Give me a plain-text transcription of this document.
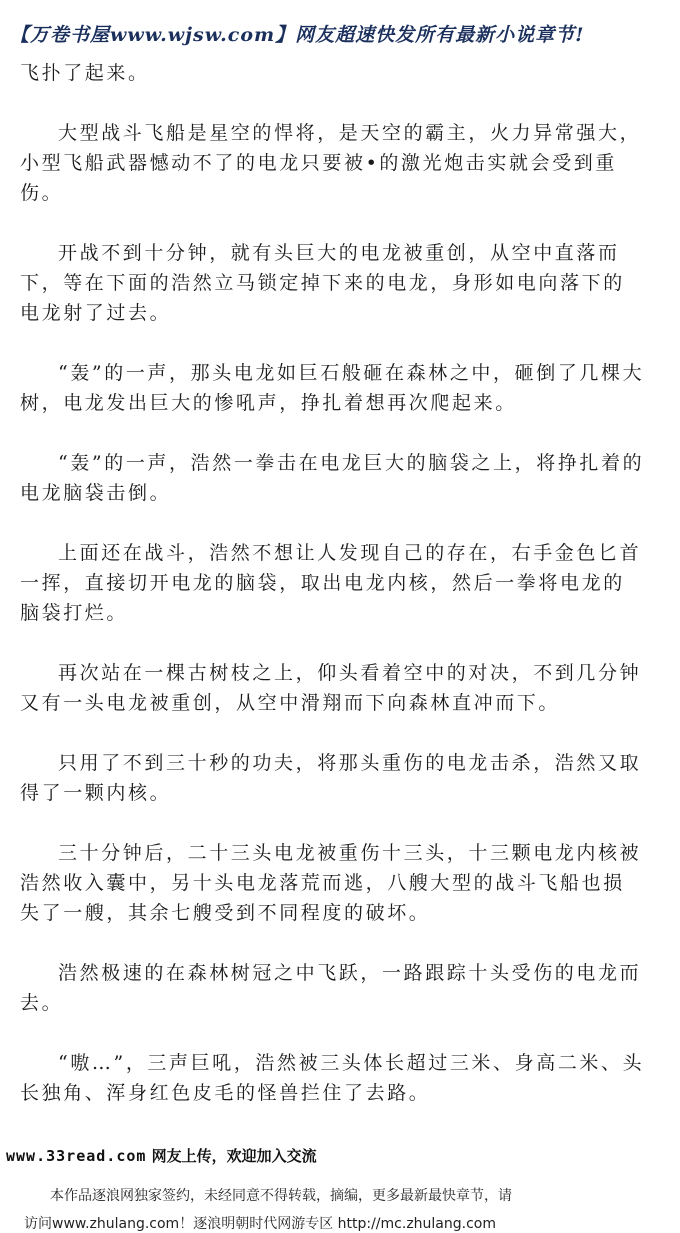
【万卷书屋www.wjsw.com】网友超速快发所有最新小说章节!

飞扑了起来。

大型战斗飞船是星空的悍将，是天空的霸主，火力异常强大，小型飞船武器憾动不了的电龙只要被•的激光炮击实就会受到重伤。

开战不到十分钟，就有头巨大的电龙被重创，从空中直落而下，等在下面的浩然立马锁定掉下来的电龙，身形如电向落下的电龙射了过去。

“轰”的一声，那头电龙如巨石般砸在森林之中，砸倒了几棵大树，电龙发出巨大的惨吼声，挣扎着想再次爬起来。

“轰”的一声，浩然一拳击在电龙巨大的脑袋之上，将挣扎着的电龙脑袋击倒。

上面还在战斗，浩然不想让人发现自己的存在，右手金色匕首一挥，直接切开电龙的脑袋，取出电龙内核，然后一拳将电龙的脑袋打烂。

再次站在一棵古树枝之上，仰头看着空中的对决，不到几分钟又有一头电龙被重创，从空中滑翔而下向森林直冲而下。

只用了不到三十秒的功夫，将那头重伤的电龙击杀，浩然又取得了一颗内核。

三十分钟后，二十三头电龙被重伤十三头，十三颗电龙内核被浩然收入囊中，另十头电龙落荒而逃，八艘大型的战斗飞船也损失了一艘，其余七艘受到不同程度的破坏。

浩然极速的在森林树冠之中飞跃，一路跟踪十头受伤的电龙而去。

“嗷…”，三声巨吼，浩然被三头体长超过三米、身高二米、头长独角、浑身红色皮毛的怪兽拦住了去路。

www.33read.com 网友上传，欢迎加入交流
本作品逐浪网独家签约，未经同意不得转载，摘编，更多最新最快章节，请
访问www.zhulang.com！逐浪明朝时代网游专区 http://mc.zhulang.com
